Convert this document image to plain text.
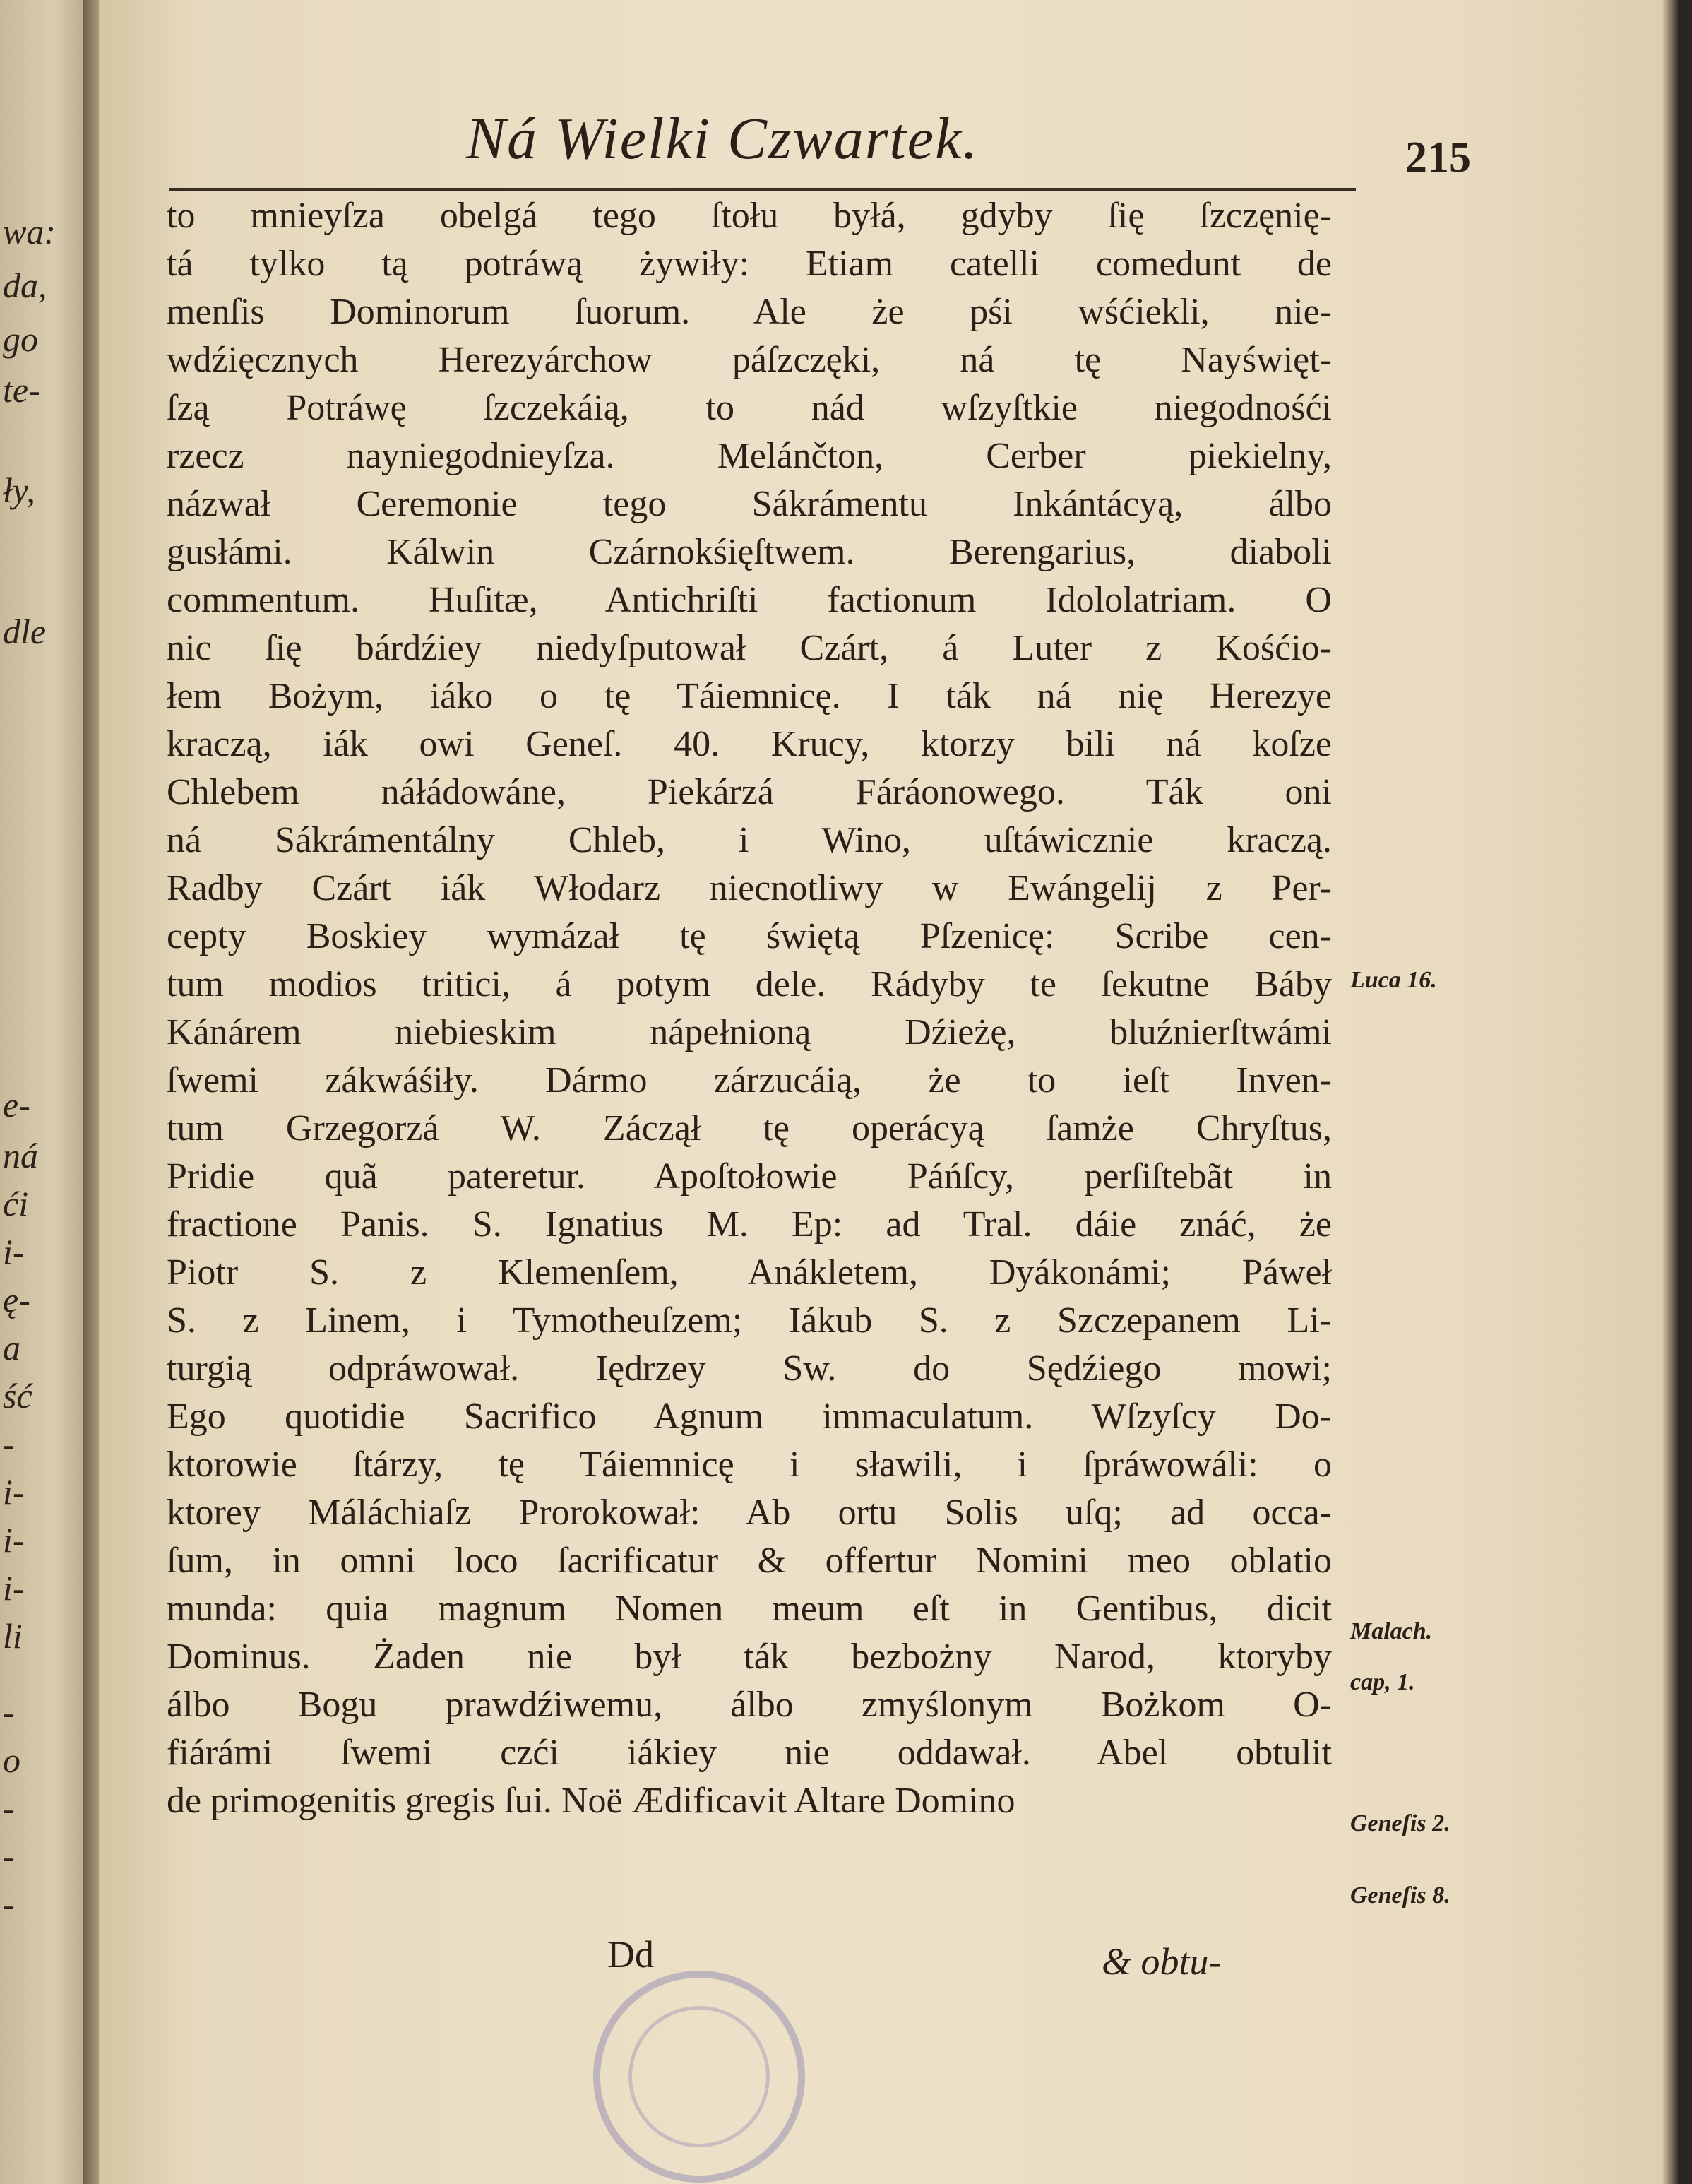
wa:
da,
go
te-
ły,
dle
e-
ná
ći
i-
ę-
a
ść
-
i-
i-
i-
li
-
o
-
-
-
Ná Wielki Czwartek.	215
to mnieyſza obelgá tego ſtołu byłá, gdyby ſię ſzczęnię-
tá tylko tą potráwą żywiły: Etiam catelli comedunt de
menſis Dominorum ſuorum. Ale że pśi wśćiekli, nie-
wdźięcznych Herezyárchow páſzczęki, ná tę Nayświęt-
ſzą Potráwę ſzczekáią, to nád wſzyſtkie niegodnośći
rzecz nayniegodnieyſza. Melánčton, Cerber piekielny,
názwał Ceremonie tego Sákrámentu Inkántácyą, álbo
gusłámi. Kálwin Czárnokśięſtwem. Berengarius, diaboli
commentum. Huſitæ, Antichriſti factionum Idololatriam. O
nic ſię bárdźiey niedyſputował Czárt, á Luter z Kośćio-
łem Bożym, iáko o tę Táiemnicę. I ták ná nię Herezye
kraczą, iák owi Geneſ. 40. Krucy, ktorzy bili ná koſze
Chlebem náłádowáne, Piekárzá Fáráonowego. Ták oni
ná Sákrámentálny Chleb, i Wino, uſtáwicznie kraczą.
Radby Czárt iák Włodarz niecnotliwy w Ewángelij z Per-
cepty Boskiey wymázał tę świętą Pſzenicę: Scribe cen-
tum modios tritici, á potym dele. Rádyby te ſekutne Báby
Kánárem niebieskim nápełnioną Dźieżę, bluźnierſtwámi
ſwemi zákwáśiły. Dármo zárzucáią, że to ieſt Inven-
tum Grzegorzá W. Záczął tę operácyą ſamże Chryſtus,
Pridie quã pateretur. Apoſtołowie Páńſcy, perſiſtebãt in
fractione Panis. S. Ignatius M. Ep: ad Tral. dáie znáć, że
Piotr S. z Klemenſem, Anákletem, Dyákonámi; Páweł
S. z Linem, i Tymotheuſzem; Iákub S. z Szczepanem Li-
turgią odpráwował. Iędrzey Sw. do Sędźiego mowi;
Ego quotidie Sacrifico Agnum immaculatum. Wſzyſcy Do-
ktorowie ſtárzy, tę Táiemnicę i sławili, i ſpráwowáli: o
ktorey Máláchiaſz Prorokował: Ab ortu Solis uſq; ad occa-
ſum, in omni loco ſacrificatur & offertur Nomini meo oblatio
munda: quia magnum Nomen meum eſt in Gentibus, dicit
Dominus. Żaden nie był ták bezbożny Narod, ktoryby
álbo Bogu prawdźiwemu, álbo zmyślonym Bożkom O-
fiárámi ſwemi czći iákiey nie oddawał. Abel obtulit
de primogenitis gregis ſui. Noë Ædificavit Altare Domino
Luca 16.
Malach.
cap, 1.
Geneſis 2.
Geneſis 8.
Dd	& obtu-
